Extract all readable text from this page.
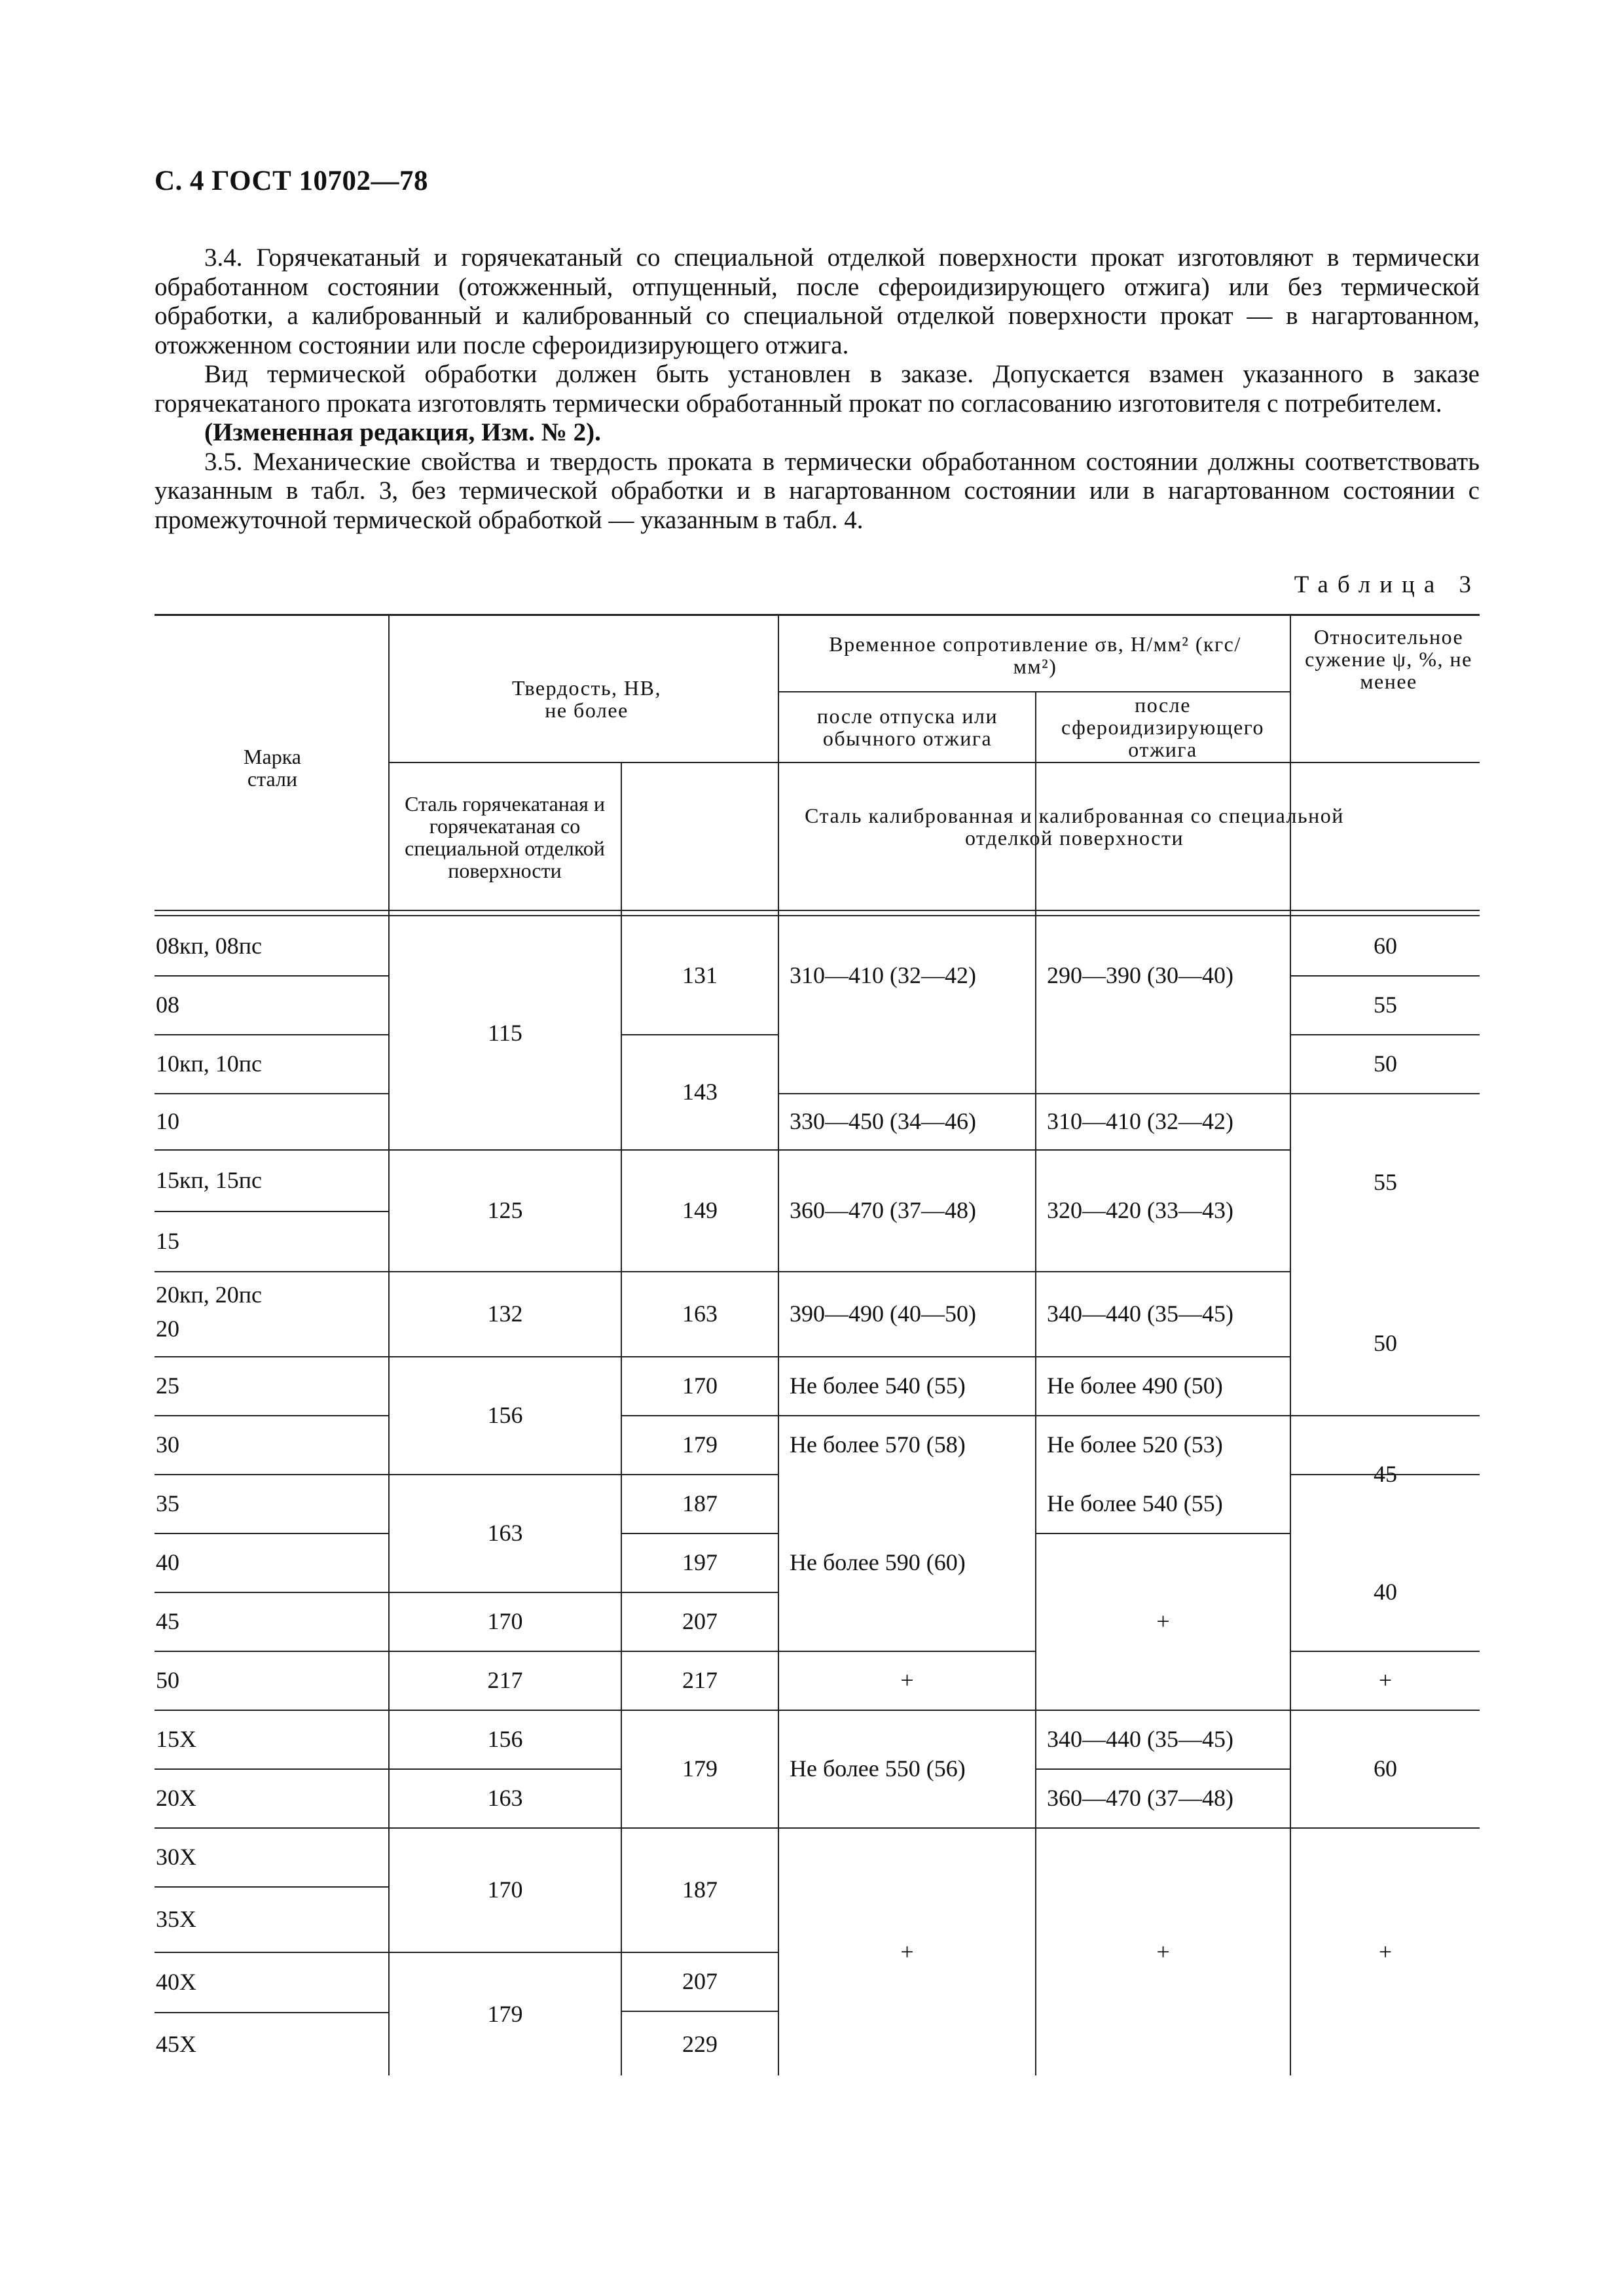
С. 4 ГОСТ 10702—78

3.4. Горячекатаный и горячекатаный со специальной отделкой поверхности прокат изготовляют в термически обработанном состоянии (отожженный, отпущенный, после сфероидизирующего отжига) или без термической обработки, а калиброванный и калиброванный со специальной отделкой поверхности прокат — в нагартованном, отожженном состоянии или после сфероидизирующего отжига.

Вид термической обработки должен быть установлен в заказе. Допускается взамен указанного в заказе горячекатаного проката изготовлять термически обработанный прокат по согласованию изготовителя с потребителем.

(Измененная редакция, Изм. № 2).

3.5. Механические свойства и твердость проката в термически обработанном состоянии должны соответствовать указанным в табл. 3, без термической обработки и в нагартованном состоянии или в нагартованном состоянии с промежуточной термической обработкой — указанным в табл. 4.

Таблица 3
Марка стали
Твердость, НВ, не более
Временное сопротивление σв, Н/мм² (кгс/мм²)
после отпуска или обычного отжига
после сфероидизирующего отжига
Относительное сужение ψ, %, не менее
Сталь горячекатаная и горячекатаная со специальной отделкой поверхности
Сталь калиброванная и калиброванная со специальной отделкой поверхности
08кп, 08пс
08
10кп, 10пс
10
15кп, 15пс
15
20кп, 20пс
20
25
30
35
40
45
50
15Х
20Х
30Х
35Х
40Х
45Х
115
125
132
156
163
170
217
156
163
170
179
131
143
149
163
170
179
187
197
207
217
179
187
207
229
310—410 (32—42)
330—450 (34—46)
360—470 (37—48)
390—490 (40—50)
Не более 540 (55)
Не более 570 (58)
Не более 590 (60)
+
Не более 550 (56)
+
290—390 (30—40)
310—410 (32—42)
320—420 (33—43)
340—440 (35—45)
Не более 490 (50)
Не более 520 (53)
Не более 540 (55)
+
340—440 (35—45)
360—470 (37—48)
+
60
55
50
55
50
45
40
+
60
+
